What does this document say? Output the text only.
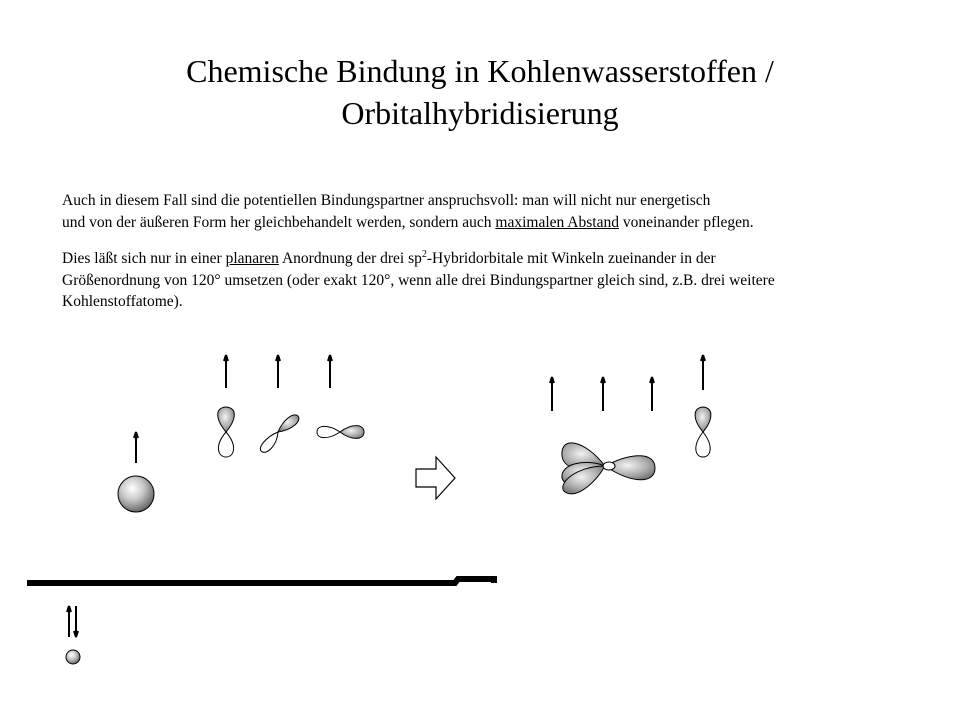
Chemische Bindung in Kohlenwasserstoffen /
Orbitalhybridisierung
Auch in diesem Fall sind die potentiellen Bindungspartner anspruchsvoll: man will nicht nur energetisch
und von der äußeren Form her gleichbehandelt werden, sondern auch maximalen Abstand voneinander pflegen.
Dies läßt sich nur in einer planaren Anordnung der drei $sp^2$-Hybridorbitale mit Winkeln zueinander in der
Größenordnung von 120° umsetzen (oder exakt 120°, wenn alle drei Bindungspartner gleich sind, z.B. drei weitere
Kohlenstoffatome).
